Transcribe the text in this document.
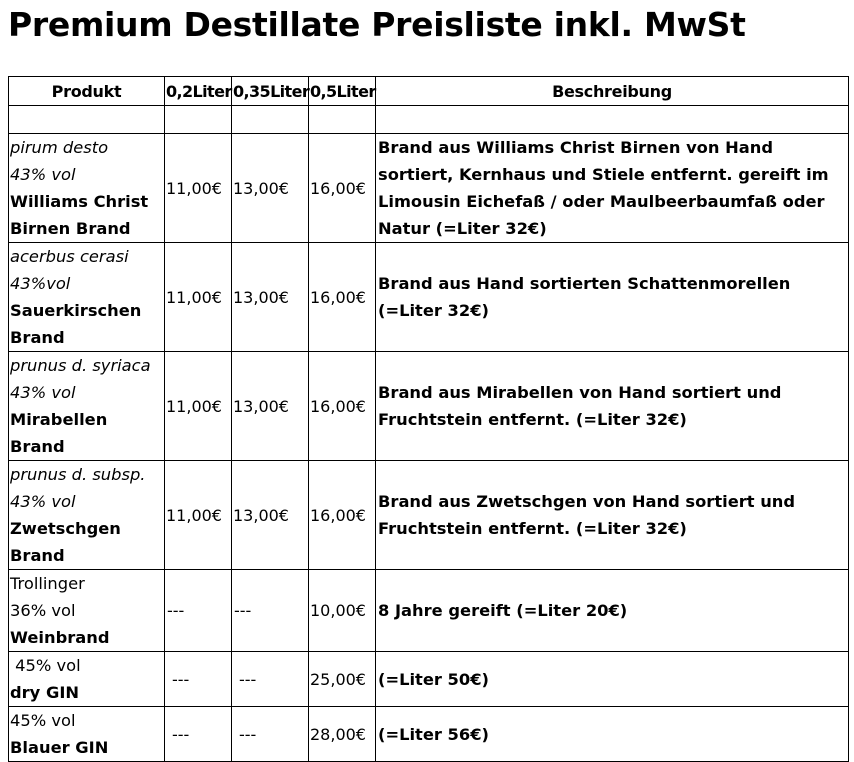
Premium Destillate Preisliste inkl. MwSt
Produkt	0,2Liter	0,35Liter	0,5Liter	Beschreibung

pirum desto
43% vol
Williams Christ Birnen Brand	11,00€	13,00€	16,00€	Brand aus Williams Christ Birnen von Hand sortiert, Kernhaus und Stiele entfernt. gereift im Limousin Eichefaß / oder Maulbeerbaumfaß oder Natur (=Liter 32€)

acerbus cerasi
43%vol
Sauerkirschen Brand	11,00€	13,00€	16,00€	Brand aus Hand sortierten Schattenmorellen (=Liter 32€)

prunus d. syriaca
43% vol
Mirabellen Brand	11,00€	13,00€	16,00€	Brand aus Mirabellen von Hand sortiert und Fruchtstein entfernt. (=Liter 32€)

prunus d. subsp.
43% vol
Zwetschgen Brand	11,00€	13,00€	16,00€	Brand aus Zwetschgen von Hand sortiert und Fruchtstein entfernt. (=Liter 32€)

Trollinger
36% vol
Weinbrand	---	---	10,00€	8 Jahre gereift (=Liter 20€)

45% vol
dry GIN	---	---	25,00€	(=Liter 50€)

45% vol
Blauer GIN	---	---	28,00€	(=Liter 56€)
